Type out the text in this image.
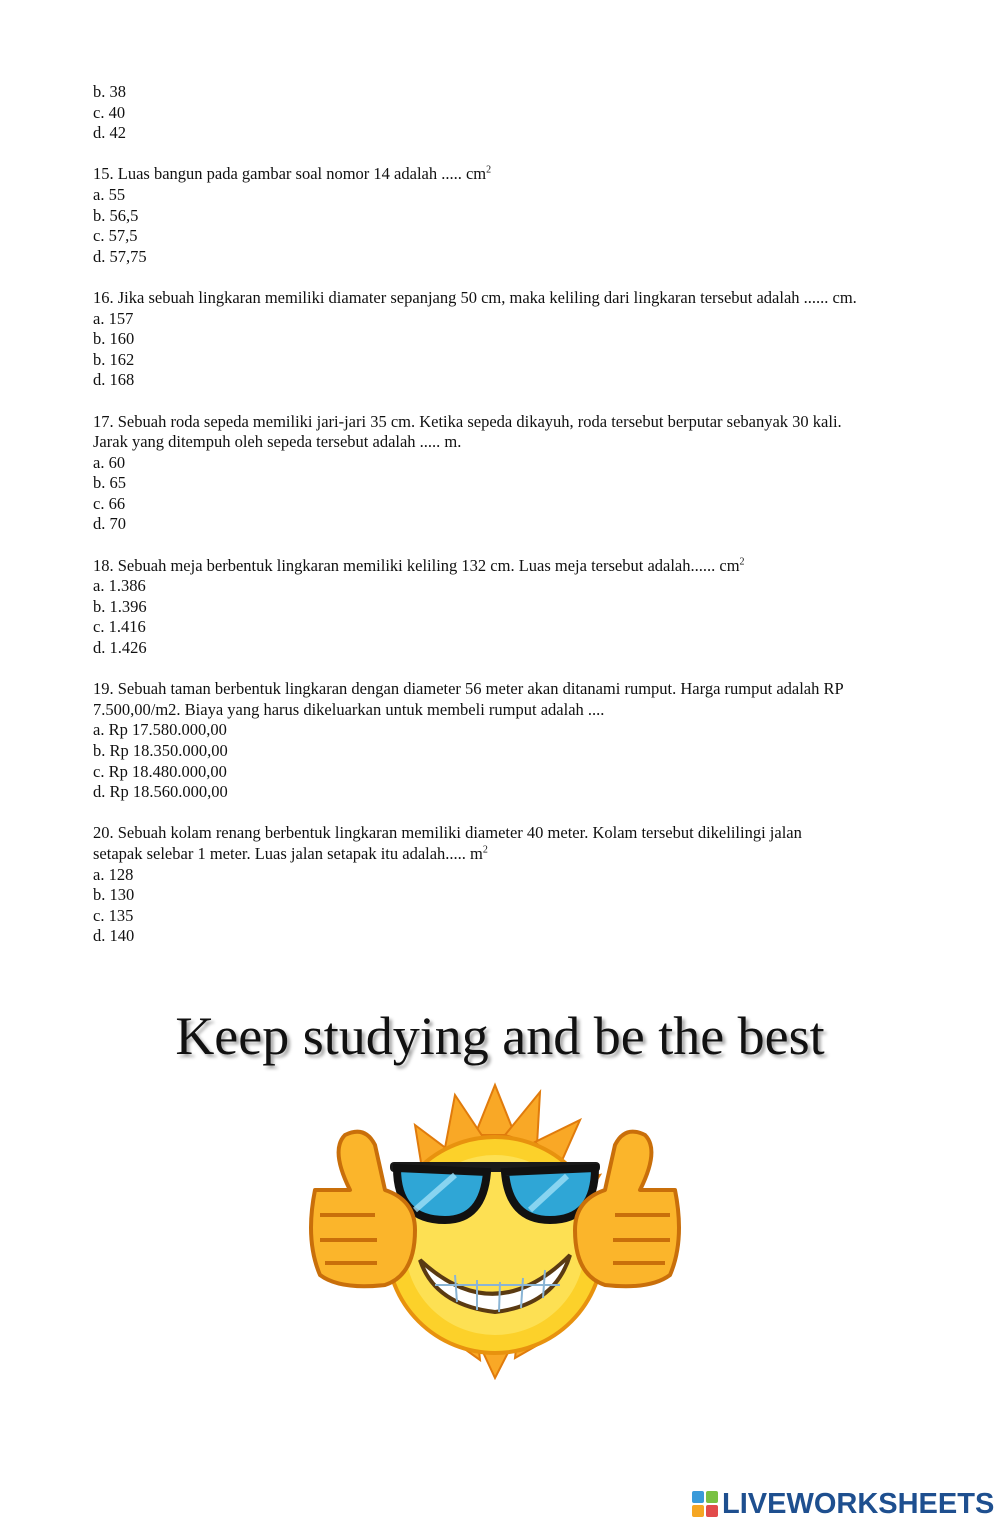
b. 38

c. 40

d. 42

15. Luas bangun pada gambar soal nomor 14 adalah ..... $cm^2$

a. 55

b. 56,5

c. 57,5

d. 57,75

16. Jika sebuah lingkaran memiliki diamater sepanjang 50 cm, maka keliling dari lingkaran tersebut adalah ...... cm.

a. 157

b. 160

b. 162

d. 168

17. Sebuah roda sepeda memiliki jari-jari 35 cm. Ketika sepeda dikayuh, roda tersebut berputar sebanyak 30 kali.

Jarak yang ditempuh oleh sepeda tersebut adalah ..... m.

a. 60

b. 65

c. 66

d. 70

18. Sebuah meja berbentuk lingkaran memiliki keliling 132 cm. Luas meja tersebut adalah...... $cm^2$

a. 1.386

b. 1.396

c. 1.416

d. 1.426

19. Sebuah taman berbentuk lingkaran dengan diameter 56 meter akan ditanami rumput. Harga rumput adalah RP

7.500,00/m2. Biaya yang harus dikeluarkan untuk membeli rumput adalah ....

a. Rp 17.580.000,00

b. Rp 18.350.000,00

c. Rp 18.480.000,00

d. Rp 18.560.000,00

20. Sebuah kolam renang berbentuk lingkaran memiliki diameter 40 meter. Kolam tersebut dikelilingi jalan

setapak selebar 1 meter. Luas jalan setapak itu adalah..... $m^2$

a. 128

b. 130

c. 135

d. 140

Keep studying and be the best
LIVEWORKSHEETS
